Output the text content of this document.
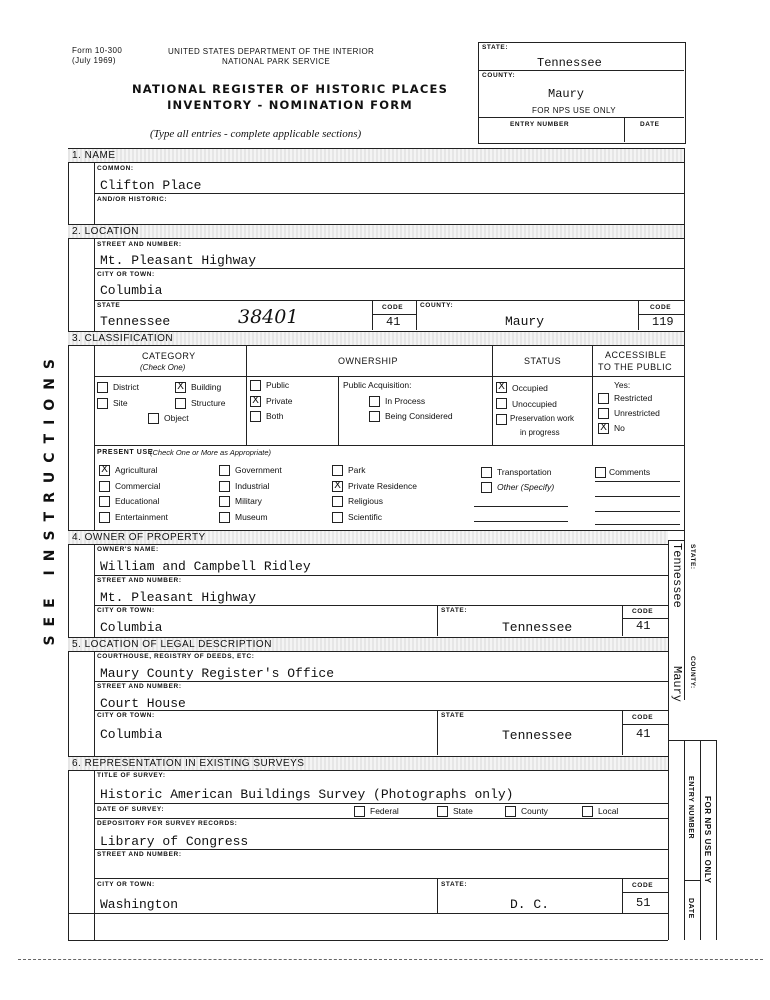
Form 10-300
(July 1969)
UNITED STATES DEPARTMENT OF THE INTERIOR
NATIONAL PARK SERVICE
NATIONAL REGISTER OF HISTORIC PLACES
INVENTORY - NOMINATION FORM
(Type all entries - complete applicable sections)
STATE:
Tennessee
COUNTY:
Maury
FOR NPS USE ONLY
ENTRY NUMBER	DATE
SEE INSTRUCTIONS
1. NAME
COMMON:
Clifton Place
AND/OR HISTORIC:
2. LOCATION
STREET AND NUMBER:
Mt. Pleasant Highway
CITY OR TOWN:
Columbia
STATE
Tennessee	38401	CODE
41
COUNTY:
Maury
CODE
119
3. CLASSIFICATION
CATEGORY
(Check One)
OWNERSHIP	STATUS
ACCESSIBLE
TO THE PUBLIC
District	X Building
Site	Structure
Object
Public
X Private
Both
Public Acquisition:
In Process
Being Considered
X Occupied
Unoccupied
Preservation work
in progress
Yes:
Restricted
Unrestricted
X No
PRESENT USE
(Check One or More as Appropriate)
X Agricultural
Commercial
Educational
Entertainment
Government
Industrial
Military
Museum
Park
X Private Residence
Religious
Scientific
Transportation
Other (Specify)
Comments
4. OWNER OF PROPERTY
OWNER'S NAME:
William and Campbell Ridley
STREET AND NUMBER:
Mt. Pleasant Highway
CITY OR TOWN:
Columbia
STATE:
Tennessee
CODE
41
5. LOCATION OF LEGAL DESCRIPTION
COURTHOUSE, REGISTRY OF DEEDS, ETC:
Maury County Register's Office
STREET AND NUMBER:
Court House
CITY OR TOWN:
Columbia
STATE
Tennessee
CODE
41
6. REPRESENTATION IN EXISTING SURVEYS
TITLE OF SURVEY:
Historic American Buildings Survey (Photographs only)
DATE OF SURVEY:	Federal	State	County	Local
DEPOSITORY FOR SURVEY RECORDS:
Library of Congress
STREET AND NUMBER:
CITY OR TOWN:
Washington
STATE:
D. C.
CODE
51
Tennessee STATE:
Maury COUNTY:
ENTRY NUMBER
DATE
FOR NPS USE ONLY
